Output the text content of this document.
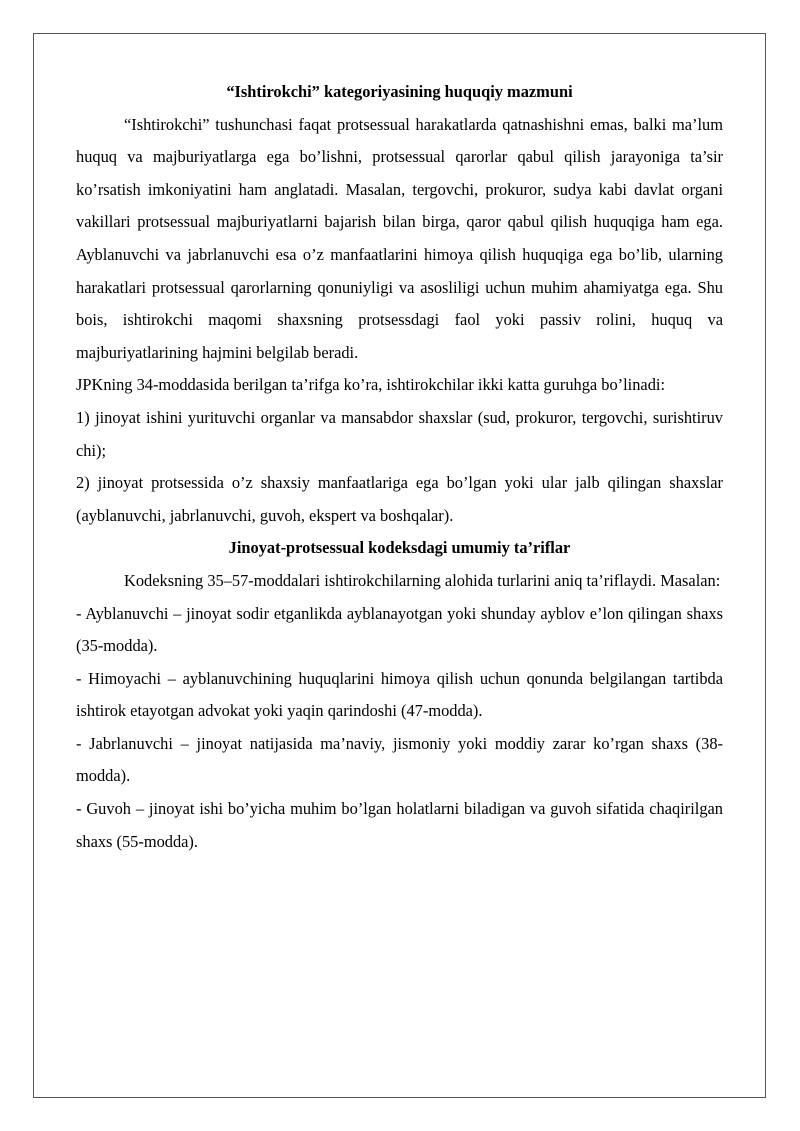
“Ishtirokchi” kategoriyasining huquqiy mazmuni

“Ishtirokchi” tushunchasi faqat protsessual harakatlarda qatnashishni emas, balki ma’lum huquq va majburiyatlarga ega bo’lishni, protsessual qarorlar qabul qilish jarayoniga ta’sir ko’rsatish imkoniyatini ham anglatadi. Masalan, tergovchi, prokuror, sudya kabi davlat organi vakillari protsessual majburiyatlarni bajarish bilan birga, qaror qabul qilish huquqiga ham ega. Ayblanuvchi va jabrlanuvchi esa o’z manfaatlarini himoya qilish huquqiga ega bo’lib, ularning harakatlari protsessual qarorlarning qonuniyligi va asosliligi uchun muhim ahamiyatga ega. Shu bois, ishtirokchi maqomi shaxsning protsessdagi faol yoki passiv rolini, huquq va majburiyatlarining hajmini belgilab beradi.

JPKning 34-moddasida berilgan ta’rifga ko’ra, ishtirokchilar ikki katta guruhga bo’linadi:

1) jinoyat ishini yurituvchi organlar va mansabdor shaxslar (sud, prokuror, tergovchi, surishtiruv chi);

2) jinoyat protsessida o’z shaxsiy manfaatlariga ega bo’lgan yoki ular jalb qilingan shaxslar (ayblanuvchi, jabrlanuvchi, guvoh, ekspert va boshqalar).

Jinoyat-protsessual kodeksdagi umumiy ta’riflar

Kodeksning 35–57-moddalari ishtirokchilarning alohida turlarini aniq ta’riflaydi. Masalan:

- Ayblanuvchi – jinoyat sodir etganlikda ayblanayotgan yoki shunday ayblov e’lon qilingan shaxs (35-modda).

- Himoyachi – ayblanuvchining huquqlarini himoya qilish uchun qonunda belgilangan tartibda ishtirok etayotgan advokat yoki yaqin qarindoshi (47-modda).

- Jabrlanuvchi – jinoyat natijasida ma’naviy, jismoniy yoki moddiy zarar ko’rgan shaxs (38-modda).

- Guvoh – jinoyat ishi bo’yicha muhim bo’lgan holatlarni biladigan va guvoh sifatida chaqirilgan shaxs (55-modda).
